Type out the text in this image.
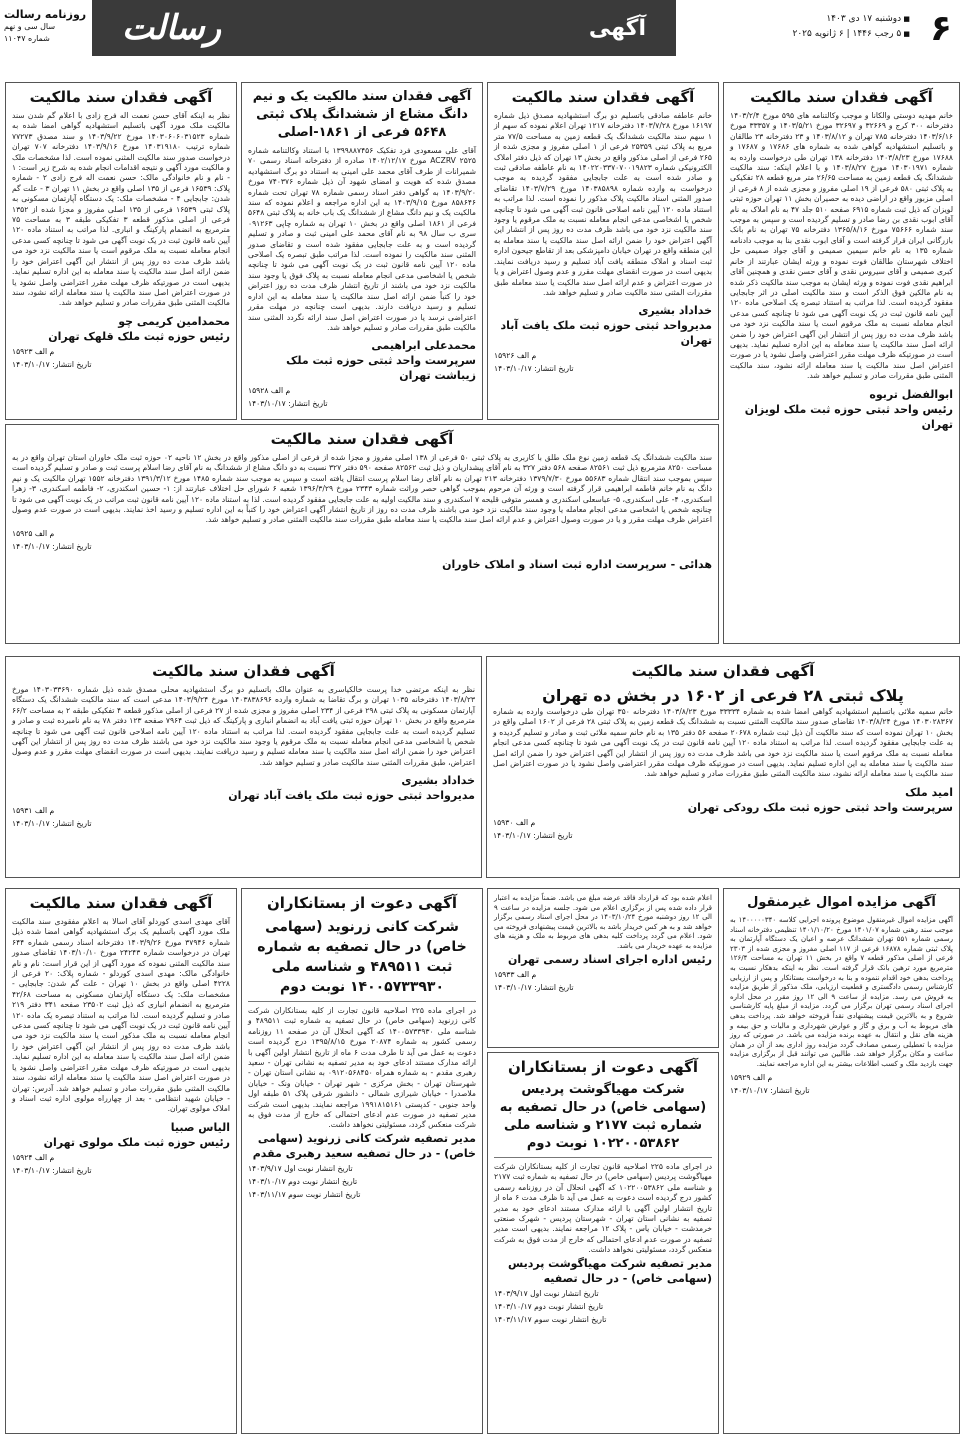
۶
■ دوشنبه ۱۷ دی ۱۴۰۳
■ ۵ رجب ۱۴۴۶ | ۶ ژانویه ۲۰۲۵
آگهی
رسالت
روزنامه رسالت
سال سی و نهم
شماره ۱۱۰۴۷
آگهی فقدان سند مالکیت

خانم مهدیه دوستی والکانا و موجب وکالتنامه های ۵۹۵ مورخ ۱۴۰۳/۲/۴ دفترخانه ۳۰۰ کرج و ۳۲۶۶۹ و ۳۲۶۹۷ مورخ ۱۴۰۳/۵/۲۱ و ۳۳۳۵۷ مورخ ۱۴۰۳/۶/۱۶ دفترخانه ۷۸۵ تهران و ۱۴۰۳/۸/۱۲ و ۲۳ دفترخانه ۲۳ طالقان و باتسلیم استشهادیه گواهی شده به شماره های ۱۷۶۸۶ و ۱۷۶۸۷ و ۱۷۶۸۸ مورخ ۱۴۰۳/۸/۲۳ دفترخانه ۱۳۸ تهران طی درخواست وارده به شماره ۱۴۰۳۰۱۹۷۱ مورخ ۱۴۰۳/۸/۲۷ و با اعلام اینکه: سند مالکیت ششدانگ یک قطعه زمین به مساحت ۲۶/۶۵ متر مربع قطعه ۲۸ تفکیکی به پلاک ثبتی ۵۸۰ فرعی از ۱۹ اصلی مفروز و مجزی شده از ۸ فرعی از اصلی مزبور واقع در اراضی دیده به حصیران بخش ۱۱ تهران حوزه ثبتی لویزان که ذیل ثبت شماره ۶۹۱۵ صفحه ۵۱۰ جلد ۴۷ به نام املاک به نام آقای ابوب نقدی بن رضا صادر و تسلیم گردیده است و سپس به موجب سند شماره ۷۵۶۶۶ مورخ ۱۳۶۵/۸/۱۶ دفترخانه ۷۵ تهران به نام بانک بازرگانی ایران قرار گرفته است و آقای ابوب نقدی بنا به موجب دادنامه شماره ۱۳۵ به نام خانم سیمین صمیمی و آقای جواد صمیمی حل اختلاف شهرستان طالقان فوت نموده و ورثه ایشان عبارتند از خانم کبری صمیمی و آقای سیروس نقدی و آقای حسن نقدی و همچنین آقای ابراهیم نقدی فوت نموده و ورثه ایشان به موجب سند مالکیت ذکر شده به نام مالکین فوق الذکر است و سند مالکیت اصلی در اثر جابجایی مفقود گردیده است. لذا مراتب به استناد تبصره یک اصلاحی ماده ۱۲۰ آیین نامه قانون ثبت در یک نوبت آگهی می شود تا چنانچه کسی مدعی انجام معامله نسبت به ملک مرقوم است یا سند مالکیت نزد خود می باشد ظرف مدت ده روز پس از انتشار این آگهی اعتراض خود را ضمن ارائه اصل سند مالکیت یا سند معامله به این اداره تسلیم نماید. بدیهی است در صورتیکه ظرف مهلت مقرر اعتراضی واصل نشود یا در صورت اعتراض اصل سند مالکیت یا سند معامله ارائه نشود، سند مالکیت المثنی طبق مقررات صادر و تسلیم خواهد شد.

ابوالفضل تربوه
رئیس واحد ثبتی حوزه ثبت ملک لویزان تهران
آگهی فقدان سند مالکیت

خانم عاطفه صادقی باتسلیم دو برگ استشهادیه مصدق ذیل شماره ۱۶۱۹۷ مورخ ۱۴۰۳/۷/۲۸ دفترخانه ۱۲۱۷ تهران اعلام نموده که سهم از ۱ سهم سند مالکیت ششدانگ یک قطعه زمین به مساحت ۷۷/۵ متر مربع به پلاک ثبتی ۲۵۳۵۹ فرعی از ۱ اصلی مفروز و مجزی شده از ۲۶۵ فرعی از اصلی مذکور واقع در بخش ۱۳ تهران که ذیل دفتر املاک الکترونیکی شماره ۱۴۰۲۲۰۳۳۷۰۷۰۰۱۹۸۲۳ به نام عاطفه صادقی ثبت و صادر شده است به علت جابجایی مفقود گردیده به موجب درخواست به وارده شماره ۱۴۰۳۸۵۸۹۸ مورخ ۱۴۰۳/۷/۲۹ تقاضای صدور المثنی اسناد مالکیت پلاک مذکور را نموده است. لذا مراتب به استناد ماده ۱۲۰ آیین نامه اصلاحی قانون ثبت آگهی می شود تا چنانچه شخص یا اشخاصی مدعی انجام معامله نسبت به ملک مرقوم یا وجود سند مالکیت نزد خود می باشد ظرف مدت ده روز پس از انتشار این آگهی اعتراض خود را ضمن ارائه اصل سند مالکیت یا سند معامله به این منطقه واقع در تهران خیابان دامپزشکی بعد از تقاطع جیحون اداره ثبت اسناد و املاک منطقه یافت آباد تسلیم و رسید دریافت نمایند. بدیهی است در صورت انقضای مهلت مقرر و عدم وصول اعتراض و یا در صورت اعتراض و عدم ارائه اصل سند مالکیت یا سند معامله طبق مقررات المثنی سند مالکیت صادر و تسلیم خواهد شد.

خداداد بشیری
مدیرواحد ثبتی حوزه ثبت ملک یافت آباد تهران
م الف ۱۵۹۲۶
تاریخ انتشار: ۱۴۰۳/۱۰/۱۷
آگهی فقدان سند مالکیت یک و نیم دانگ مشاع از ششدانگ پلاک ثبتی ۵۶۴۸ فرعی از ۱۸۶۱-اصلی

آقای علی مسعودی فرد تفکیک ۱۳۹۹۸۸۷۴۵۶ با استناد وکالتنامه شماره ۲۵۲۵ ACZRV مورخ ۱۴۰۲/۱۲/۱۷ صادره از دفترخانه اسناد رسمی ۷۰ شمیرانات از طرف آقای محمد علی امینی به استناد دو برگ استشهادیه مصدق شده که هویت و امضای شهود آن ذیل شماره ۷۴۰۳۷۶ مورخ ۱۴۰۳/۹/۲۰ به گواهی دفتر اسناد رسمی شماره ۷۸ تهران تحت شماره ۸۵۸۶۴۶ مورخ ۱۴۰۳/۹/۱۵ به این اداره مراجعه و اعلام نموده که سند مالکیت یک و نیم دانگ مشاع از ششدانگ یک باب خانه به پلاک ثبتی ۵۶۴۸ فرعی از ۱۸۶۱ اصلی واقع در بخش ۱۰ تهران به شماره چاپی ۰۹۱۲۶۳ سری ب سال ۹۸ به نام آقای محمد علی امینی ثبت و صادر و تسلیم گردیده است و به علت جابجایی مفقود شده است و تقاضای صدور المثنی سند مالکیت را نموده است. لذا مراتب طبق تبصره یک اصلاحی ماده ۱۲۰ آیین نامه قانون ثبت در یک نوبت آگهی می شود تا چنانچه شخص یا اشخاصی مدعی انجام معامله نسبت به پلاک فوق یا وجود سند مالکیت نزد خود می باشند از تاریخ انتشار ظرف مدت ده روز اعتراض خود را کتباً ضمن ارائه اصل سند مالکیت یا سند معامله به این اداره تسلیم و رسید دریافت دارند. بدیهی است چنانچه در مهلت مقرر اعتراضی نرسد یا در صورت اعتراض اصل سند ارائه نگردد المثنی سند مالکیت طبق مقررات صادر و تسلیم خواهد شد.

محمدعلی ابراهیمی
سرپرست واحد ثبتی حوزه ثبت ملک زیباشت تهران
م الف ۱۵۹۲۸
تاریخ انتشار: ۱۴۰۳/۱۰/۱۷
آگهی فقدان سند مالکیت

نظر به اینکه آقای حسن نعمت اله فرج زادی با اعلام گم شدن سند مالکیت ملک مورد آگهی باتسلیم استشهادیه گواهی امضا شده به شماره ۱۴۰۳۰۶۰۶۰۳۱۵۲۳ مورخ ۱۴۰۳/۹/۲۲ و سند مصدق ۷۷۲۷۳ شماره ترتیب ۱۴۰۳۱۹۱۸۰ مورخ ۱۴۰۳/۹/۱۶ دفترخانه ۷۰۷ تهران درخواست صدور سند مالکیت المثنی نموده است. لذا مشخصات ملک و مالکیت مورد آگهی و نتیجه اقدامات انجام شده به شرح زیر است: ۱ - نام و نام خانوادگی مالک: حسن نعمت اله فرج زادی ۲ - شماره پلاک: ۱۶۵۳۹ فرعی از ۱۳۵ اصلی واقع در بخش ۱۱ تهران ۳ - علت گم شدن: جابجایی ۴ - مشخصات ملک: یک دستگاه آپارتمان مسکونی به پلاک ثبتی ۱۶۵۳۹ فرعی از ۱۳۵ اصلی مفروز و مجزا شده از ۱۳۵۲ فرعی از اصلی مذکور قطعه ۳ تفکیکی طبقه ۳ به مساحت ۷۵ مترمربع به انضمام پارکینگ و انباری. لذا مراتب به استناد ماده ۱۲۰ آیین نامه قانون ثبت در یک نوبت آگهی می شود تا چنانچه کسی مدعی انجام معامله نسبت به ملک مرقوم است یا سند مالکیت نزد خود می باشد ظرف مدت ده روز پس از انتشار این آگهی اعتراض خود را ضمن ارائه اصل سند مالکیت یا سند معامله به این اداره تسلیم نماید. بدیهی است در صورتیکه ظرف مهلت مقرر اعتراضی واصل نشود یا در صورت اعتراض اصل سند مالکیت یا سند معامله ارائه نشود، سند مالکیت المثنی طبق مقررات صادر و تسلیم خواهد شد.

محمدامین کریمی چو
رئیس حوزه ثبت ملک قلهک تهران
م الف ۱۵۹۲۳
تاریخ انتشار: ۱۴۰۳/۱۰/۱۷
آگهی فقدان سند مالکیت

سند مالکیت ششدانگ یک قطعه زمین نوع ملک طلق با کاربری به پلاک ثبتی ۵۰ فرعی از ۱۳۸ اصلی مفروز و مجزا شده از فرعی از اصلی مذکور واقع در بخش ۱۲ ناحیه ۰۲ حوزه ثبت ملک خاوران استان تهران واقع در به مساحت ۸۲۵۰ مترمربع ذیل ثبت ۸۲۵۶۱ صفحه ۵۶۸ دفتر ۳۲۷ به نام آقای پیشداریان و ذیل ثبت ۸۲۵۶۲ صفحه ۵۹۰ دفتر ۳۲۷ نسبت به دو دانگ مشاع از ششدانگ به نام آقای رضا اسلام پرست ثبت و صادر و تسلیم گردیده است سپس بموجب سند انتقال شماره ۵۵۶۸۳ مورخ ۱۳۷۹/۷/۳۰ دفترخانه ۲۱۳ تهران به نام آقای رضا اسلام پرست انتقال یافته است و سپس به موجب سند شماره ۱۴۸۵ مورخ ۱۳۹۱/۳/۱۲ دفترخانه ۱۵۵۲ تهران مالکیت یک و نیم دانگ به نام خانم فاطمه ابراهیمی قرار گرفته است و ورثه آن مرحوم بموجب گواهی حصر وراثت شماره ۲۳۴۳ مورخ ۱۳۹۶/۳/۲۹ شعبه ۶ شورای حل اختلاف عبارتند از: ۱- حسین اسکندری، ۲- فاطمه اسکندری، ۳- زهرا اسکندری، ۴- علی اسکندری، ۵- عباسعلی اسکندری و همسر متوفی قلیحه ۷ اسکندری و سند مالکیت اولیه به علت جابجایی مفقود گردیده است. لذا به استناد ماده ۱۲۰ آیین نامه قانون ثبت مراتب در یک نوبت آگهی می شود تا چنانچه شخص یا اشخاصی مدعی انجام معامله یا وجود سند مالکیت نزد خود می باشند ظرف مدت ده روز از تاریخ انتشار آگهی اعتراض خود را کتباً به این اداره تسلیم و رسید اخذ نمایند. بدیهی است در صورت عدم وصول اعتراض ظرف مهلت مقرر و یا در صورت وصول اعتراض و عدم ارائه اصل سند مالکیت یا سند معامله طبق مقررات سند مالکیت المثنی صادر و تسلیم خواهد شد.

م الف ۱۵۹۲۵
تاریخ انتشار: ۱۴۰۳/۱۰/۱۷
هدائی - سرپرست اداره ثبت اسناد و املاک خاوران
آگهی فقدان سند مالکیت
پلاک ثبتی ۲۸ فرعی از ۱۶۰۲ در بخش ده تهران

خانم سمیه ملائی باتسلیم استشهادیه گواهی امضا شده به شماره ۳۳۳۳۴ مورخ ۱۴۰۳/۸/۲۳ دفترخانه ۳۵۰ تهران طی درخواست وارده به شماره ۱۴۰۳۰۲۸۳۶۷ مورخ ۱۴۰۳/۸/۲۴ تقاضای صدور سند مالکیت المثنی نسبت به ششدانگ یک قطعه زمین به پلاک ثبتی ۲۸ فرعی از ۱۶۰۲ اصلی واقع در بخش ۱۰ تهران نموده است که سند مالکیت آن ذیل ثبت شماره ۲۰۶۷۸ صفحه ۵۶ دفتر ۱۳۵ به نام خانم سمیه ملائی ثبت و صادر و تسلیم گردیده و به علت جابجایی مفقود گردیده است. لذا مراتب به استناد ماده ۱۲۰ آیین نامه قانون ثبت در یک نوبت آگهی می شود تا چنانچه کسی مدعی انجام معامله نسبت به ملک مرقوم است یا سند مالکیت نزد خود می باشد ظرف مدت ده روز پس از انتشار این آگهی اعتراض خود را ضمن ارائه اصل سند مالکیت یا سند معامله به این اداره تسلیم نماید. بدیهی است در صورتیکه ظرف مهلت مقرر اعتراضی واصل نشود یا در صورت اعتراض اصل سند مالکیت یا سند معامله ارائه نشود، سند مالکیت المثنی طبق مقررات صادر و تسلیم خواهد شد.

امید ملک
سرپرست واحد ثبتی حوزه ثبت ملک رودکی تهران
م الف ۱۵۹۳۰
تاریخ انتشار: ۱۴۰۳/۱۰/۱۷
آگهی فقدان سند مالکیت

نظر به اینکه مرتضی خدا پرست خالکیاسری به عنوان مالک باتسلیم دو برگ استشهادیه محلی مصدق شده ذیل شماره ۱۴۰۳۰۳۳۶۹۰ مورخ ۱۴۰۳/۸/۲۳ دفترخانه ۱۰۳۵ تهران و برگ تقاضا به شماره وارده ۱۴۰۳۸۳۸۶۹۶ مورخ ۱۴۰۳/۹/۲۴ مدعی است که سند مالکیت ششدانگ یک دستگاه آپارتمان مسکونی به پلاک ثبتی ۲۹۸ فرعی از ۲۳۴ اصلی مفروز و مجزی شده از ۲۷ فرعی از اصلی مذکور قطعه ۴ تفکیکی طبقه ۲ به مساحت ۶۶/۲ مترمربع واقع در بخش ۱۰ تهران حوزه ثبتی یافت آباد به انضمام انباری و پارکینگ که ذیل ثبت ۷۹۶۴ صفحه ۱۲۳ دفتر ۷۸ به نام نامبرده ثبت و صادر و تسلیم گردیده است به علت جابجایی مفقود گردیده است. لذا مراتب به استناد ماده ۱۲۰ آیین نامه اصلاحی قانون ثبت آگهی می شود تا چنانچه شخص یا اشخاصی مدعی انجام معامله نسبت به ملک مرقوم یا وجود سند مالکیت نزد خود می باشند ظرف مدت ده روز پس از انتشار این آگهی اعتراض خود را ضمن ارائه اصل سند مالکیت یا سند معامله تسلیم و رسید دریافت نمایند. بدیهی است در صورت انقضای مهلت مقرر و عدم وصول اعتراض، طبق مقررات المثنی سند مالکیت صادر و تسلیم خواهد شد.

خداداد بشیری
مدیرواحد ثبتی حوزه ثبت ملک یافت آباد تهران
م الف ۱۵۹۳۱
تاریخ انتشار: ۱۴۰۳/۱۰/۱۷
آگهی مزایده اموال غیرمنقول

آگهی مزایده اموال غیرمنقول موضوع پرونده اجرایی کلاسه ۱۴۰۰۰۰۰۳۴۰ به موجب سند رهنی شماره ۱۴۰۱/۰۷ مورخ ۱۴۰۱/۱۰/۲۰ تنظیمی دفترخانه اسناد رسمی شماره ۵۵۱ تهران ششدانگ عرصه و اعیان یک دستگاه آپارتمان به پلاک ثبتی شماره ۱۶۸۷۸ فرعی از ۱۱۷ اصلی مفروز و مجزی شده از ۲۳۰۳ فرعی از اصلی مذکور قطعه ۷ واقع در بخش ۱۱ تهران به مساحت ۱۲۶/۴ مترمربع مورد ترهین بانک قرار گرفته است. نظر به اینکه بدهکار نسبت به پرداخت بدهی خود اقدام ننموده و بنا به درخواست بستانکار و پس از ارزیابی کارشناس رسمی دادگستری و قطعیت ارزیابی، ملک مذکور از طریق مزایده به فروش می رسد. مزایده از ساعت ۹ الی ۱۲ روز مقرر در محل اداره اجرای اسناد رسمی تهران برگزار می گردد. مزایده از مبلغ پایه کارشناسی شروع و به بالاترین قیمت پیشنهادی نقداً فروخته خواهد شد. پرداخت بدهی های مربوط به آب و برق و گاز و عوارض شهرداری و مالیات و حق بیمه و هزینه های نقل و انتقال به عهده برنده مزایده می باشد. در صورتی که روز مزایده با تعطیلی رسمی مصادف گردد مزایده روز اداری بعد از آن در همان ساعت و مکان برگزار خواهد شد. طالبین می توانند قبل از برگزاری مزایده جهت بازدید ملک و کسب اطلاعات بیشتر به این اداره مراجعه نمایند.

م الف ۱۵۹۲۹
تاریخ انتشار: ۱۴۰۳/۱۰/۱۷

اعلام شده بود که قرارداد فاقد عرضه مبلغ می باشد. ضمناً مزایده به اعتبار قرار داده شده پس از برگزاری اعلام می شود. جلسه مزایده در ساعت ۹ الی ۱۲ روز دوشنبه مورخ ۱۴۰۳/۱۰/۲۴ در محل اجرای اسناد رسمی برگزار خواهد شد و به هر کس خریدار باشد به بالاترین قیمت پیشنهادی فروخته می شود. اعلام می گردد پرداخت کلیه بدهی های مربوط به ملک و هزینه های مزایده به عهده خریدار می باشد.

رئیس اداره اجرای اسناد رسمی تهران
م الف ۱۵۹۳۳
تاریخ انتشار: ۱۴۰۳/۱۰/۱۷
آگهی دعوت از بستانکاران
شرکت مهیاگوشت پردیس (سهامی خاص) در حال تصفیه به شماره ثبت ۲۱۷۷ و شناسه ملی ۱۰۲۲۰۰۵۳۸۶۲ نوبت دوم

در اجرای ماده ۲۲۵ اصلاحیه قانون تجارت از کلیه بستانکاران شرکت مهیاگوشت پردیس (سهامی خاص) در حال تصفیه به شماره ثبت ۲۱۷۷ و شناسه ملی ۱۰۲۲۰۰۵۳۸۶۲ که آگهی انحلال آن در روزنامه رسمی کشور درج گردیده است دعوت به عمل می آید تا ظرف مدت ۶ ماه از تاریخ انتشار اولین آگهی با ارائه مدارک مستند ادعای خود به مدیر تصفیه به نشانی استان تهران - شهرستان پردیس - شهرک صنعتی خرمدشت - خیابان یاس - پلاک ۱۲ مراجعه نمایند. بدیهی است مدیر تصفیه در صورت عدم ادعای احتمالی که خارج از مدت فوق به شرکت منعکس گردد، مسئولیتی نخواهد داشت.

مدیر تصفیه شرکت مهیاگوشت پردیس (سهامی خاص) - در حال تصفیه
تاریخ انتشار نوبت اول ۱۴۰۳/۹/۱۷
تاریخ انتشار نوبت دوم ۱۴۰۳/۱۰/۱۷
تاریخ انتشار نوبت سوم ۱۴۰۳/۱۱/۱۷
آگهی دعوت از بستانکاران
شرکت کانی زرنوید (سهامی خاص) در حال تصفیه به شماره ثبت ۴۸۹۵۱۱ و شناسه ملی ۱۴۰۰۵۷۳۳۹۳۰ نوبت دوم

در اجرای ماده ۲۲۵ اصلاحیه قانون تجارت از کلیه بستانکاران شرکت کانی زرنوید (سهامی خاص) در حال تصفیه به شماره ثبت ۴۸۹۵۱۱ و شناسه ملی ۱۴۰۰۵۷۳۳۹۳۰ که آگهی انحلال آن در صفحه ۱۱ روزنامه رسمی کشور به شماره ۲۰۸۷۴ مورخ ۱۳۹۵/۸/۱۵ درج گردیده است دعوت به عمل می آید تا طرف مدت ۶ ماه از تاریخ انتشار اولین آگهی با ارائه مدارک مستند ادعای خود به مدیر تصفیه به نشانی تهران - سعید رهبری مقدم - به شماره همراه ۰۹۱۲۰۵۶۸۴۵۰ به نشانی استان تهران - شهرستان تهران - بخش مرکزی - شهر تهران - خیابان ونک - خیابان ملاصدرا - خیابان شیرازی شمالی - دانشور شرقی پلاک ۵۱ طبقه اول واحد جنوبی - کدپستی ۱۹۹۱۸۱۵۱۶۱ مراجعه نمایند. بدیهی است شرکت مدیر تصفیه در صورت عدم ادعای احتمالی که خارج از مدت فوق به شرکت منعکس گردد، مسئولیتی نخواهد داشت.

مدیر تصفیه شرکت کانی زرنوید (سهامی خاص) - در حال تصفیه سعید رهبری مقدم
تاریخ انتشار نوبت اول ۱۴۰۳/۹/۱۷
تاریخ انتشار نوبت دوم ۱۴۰۳/۱۰/۱۷
تاریخ انتشار نوبت سوم ۱۴۰۳/۱۱/۱۷
آگهی فقدان سند مالکیت

آقای مهدی اسدی کوردلو آقای اسالا به اعلام مفقودی سند مالکیت ملک مورد آگهی باتسلیم یک برگ استشهادیه گواهی امضا شده ذیل شماره ۳۷۹۴۶ مورخ ۱۴۰۳/۹/۲۶ دفترخانه اسناد رسمی شماره ۶۴۴ تهران در درخواست شماره ۲۴۲۴۳ مورخ ۱۴۰۳/۱۰/۱۰ تقاضای صدور سند مالکیت المثنی نموده که مورد آگهی از این قرار است: نام و نام خانوادگی مالک: مهدی اسدی کوردلو - شماره پلاک: ۲۰ فرعی از ۴۲۲۸ اصلی واقع در بخش ۱۰ تهران - علت گم شدن: جابجایی - مشخصات ملک: یک دستگاه آپارتمان مسکونی به مساحت ۴۲/۶۸ مترمربع به انضمام انباری که ذیل ثبت ۲۳۵۰۲ صفحه ۳۴۱ دفتر ۲۱۹ صادر و تسلیم گردیده است. لذا مراتب به استناد تبصره یک ماده ۱۲۰ آیین نامه قانون ثبت در یک نوبت آگهی می شود تا چنانچه کسی مدعی انجام معامله نسبت به ملک مذکور است یا سند مالکیت نزد خود می باشد ظرف مدت ده روز پس از انتشار این آگهی اعتراض خود را ضمن ارائه اصل سند مالکیت یا سند معامله به این اداره تسلیم نماید. بدیهی است در صورتیکه ظرف مهلت مقرر اعتراضی واصل نشود یا در صورت اعتراض اصل سند مالکیت یا سند معامله ارائه نشود، سند مالکیت المثنی طبق مقررات صادر و تسلیم خواهد شد. آدرس: تهران - خیابان شهید انتظامی - بعد از چهارراه مولوی اداره ثبت اسناد و املاک مولوی تهران.

الیاس صبیا
رئیس حوزه ثبت ملک مولوی تهران
م الف ۱۵۹۲۴
تاریخ انتشار: ۱۴۰۳/۱۰/۱۷
